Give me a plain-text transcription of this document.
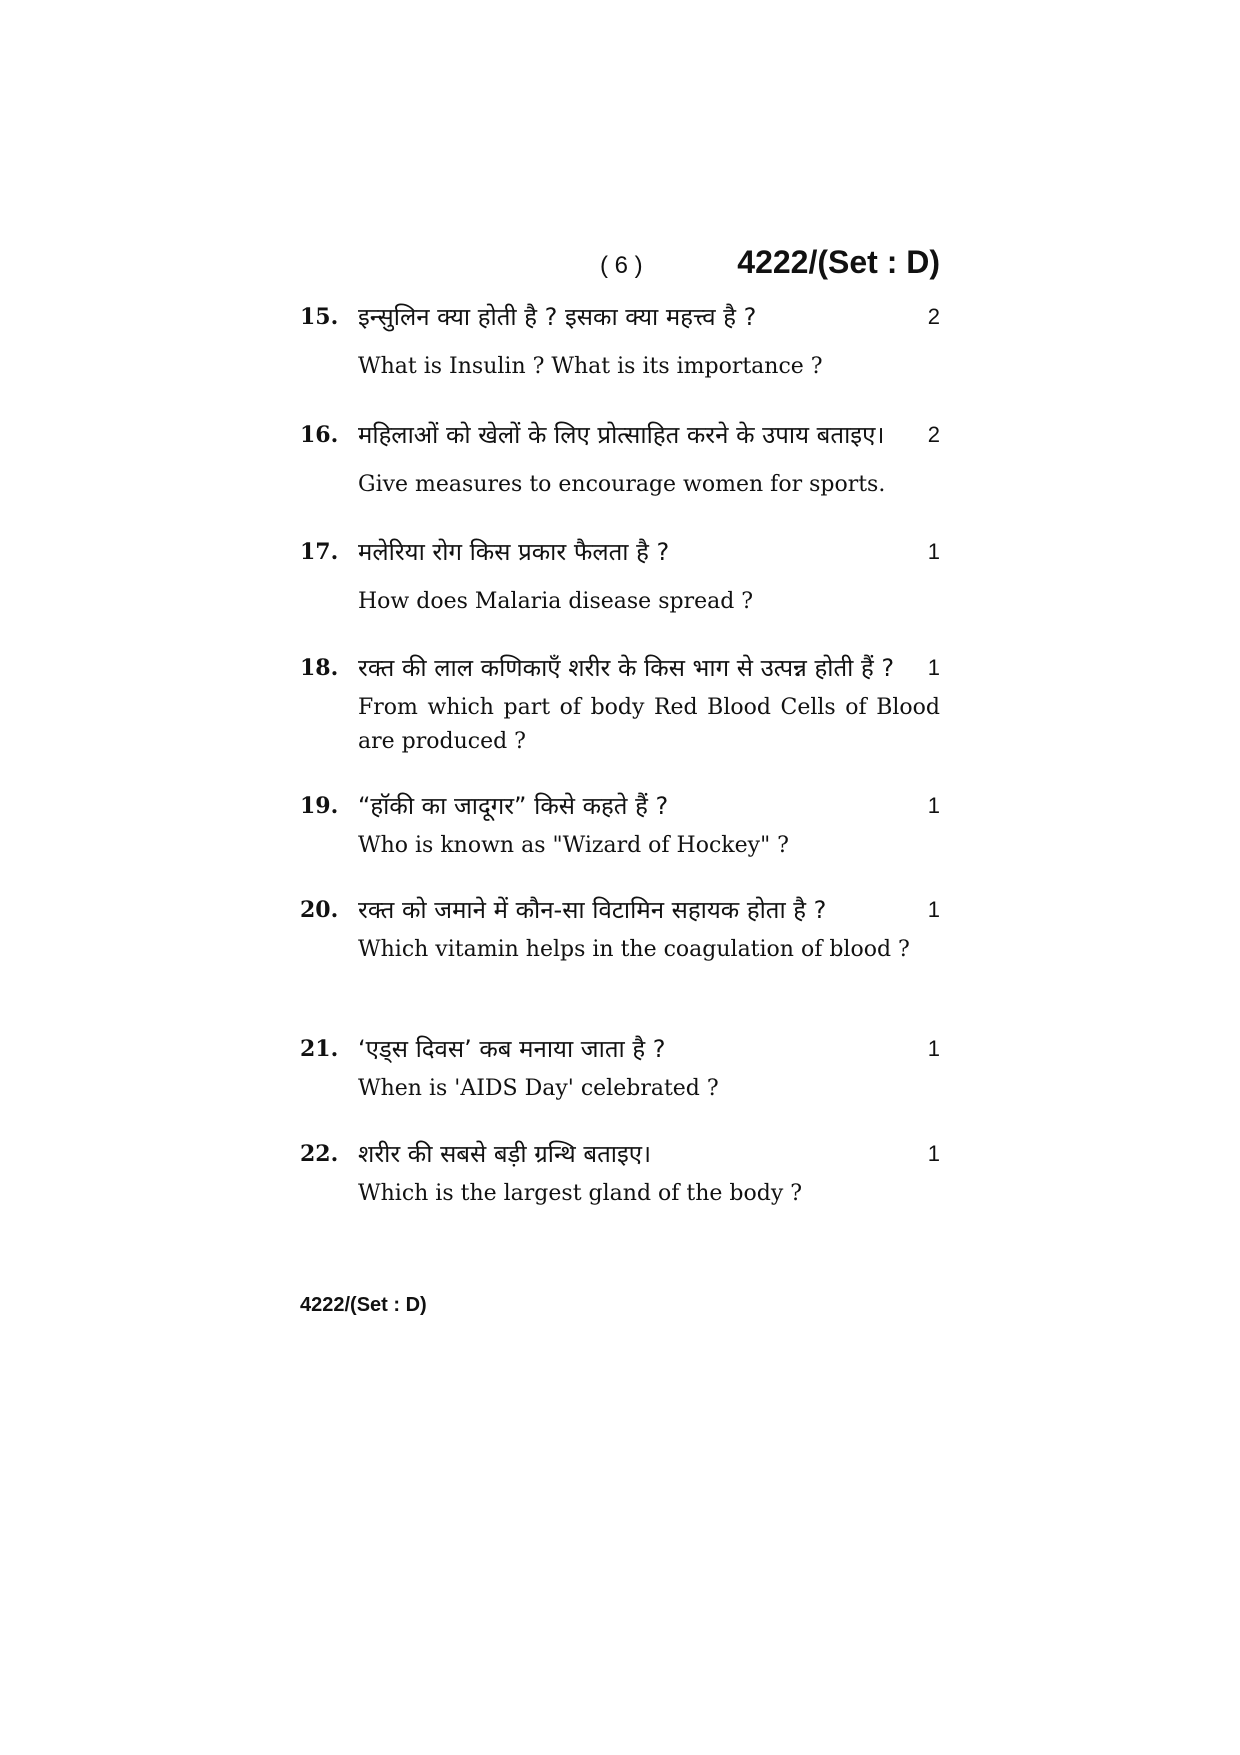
( 6 )	4222/(Set : D)
15. इन्सुलिन क्या होती है ? इसका क्या महत्त्व है ?	2
What is Insulin ? What is its importance ?
16. महिलाओं को खेलों के लिए प्रोत्साहित करने के उपाय बताइए। 2
Give measures to encourage women for sports.
17. मलेरिया रोग किस प्रकार फैलता है ?	1
How does Malaria disease spread ?
18. रक्त की लाल कणिकाएँ शरीर के किस भाग से उत्पन्न होती हैं ? 1
From which part of body Red Blood Cells of Blood are produced ?
19. “हॉकी का जादूगर” किसे कहते हैं ?	1
Who is known as "Wizard of Hockey" ?
20. रक्त को जमाने में कौन-सा विटामिन सहायक होता है ?	1
Which vitamin helps in the coagulation of blood ?
21. ‘एड्स दिवस’ कब मनाया जाता है ?	1
When is 'AIDS Day' celebrated ?
22. शरीर की सबसे बड़ी ग्रन्थि बताइए।	1
Which is the largest gland of the body ?
4222/(Set : D)
